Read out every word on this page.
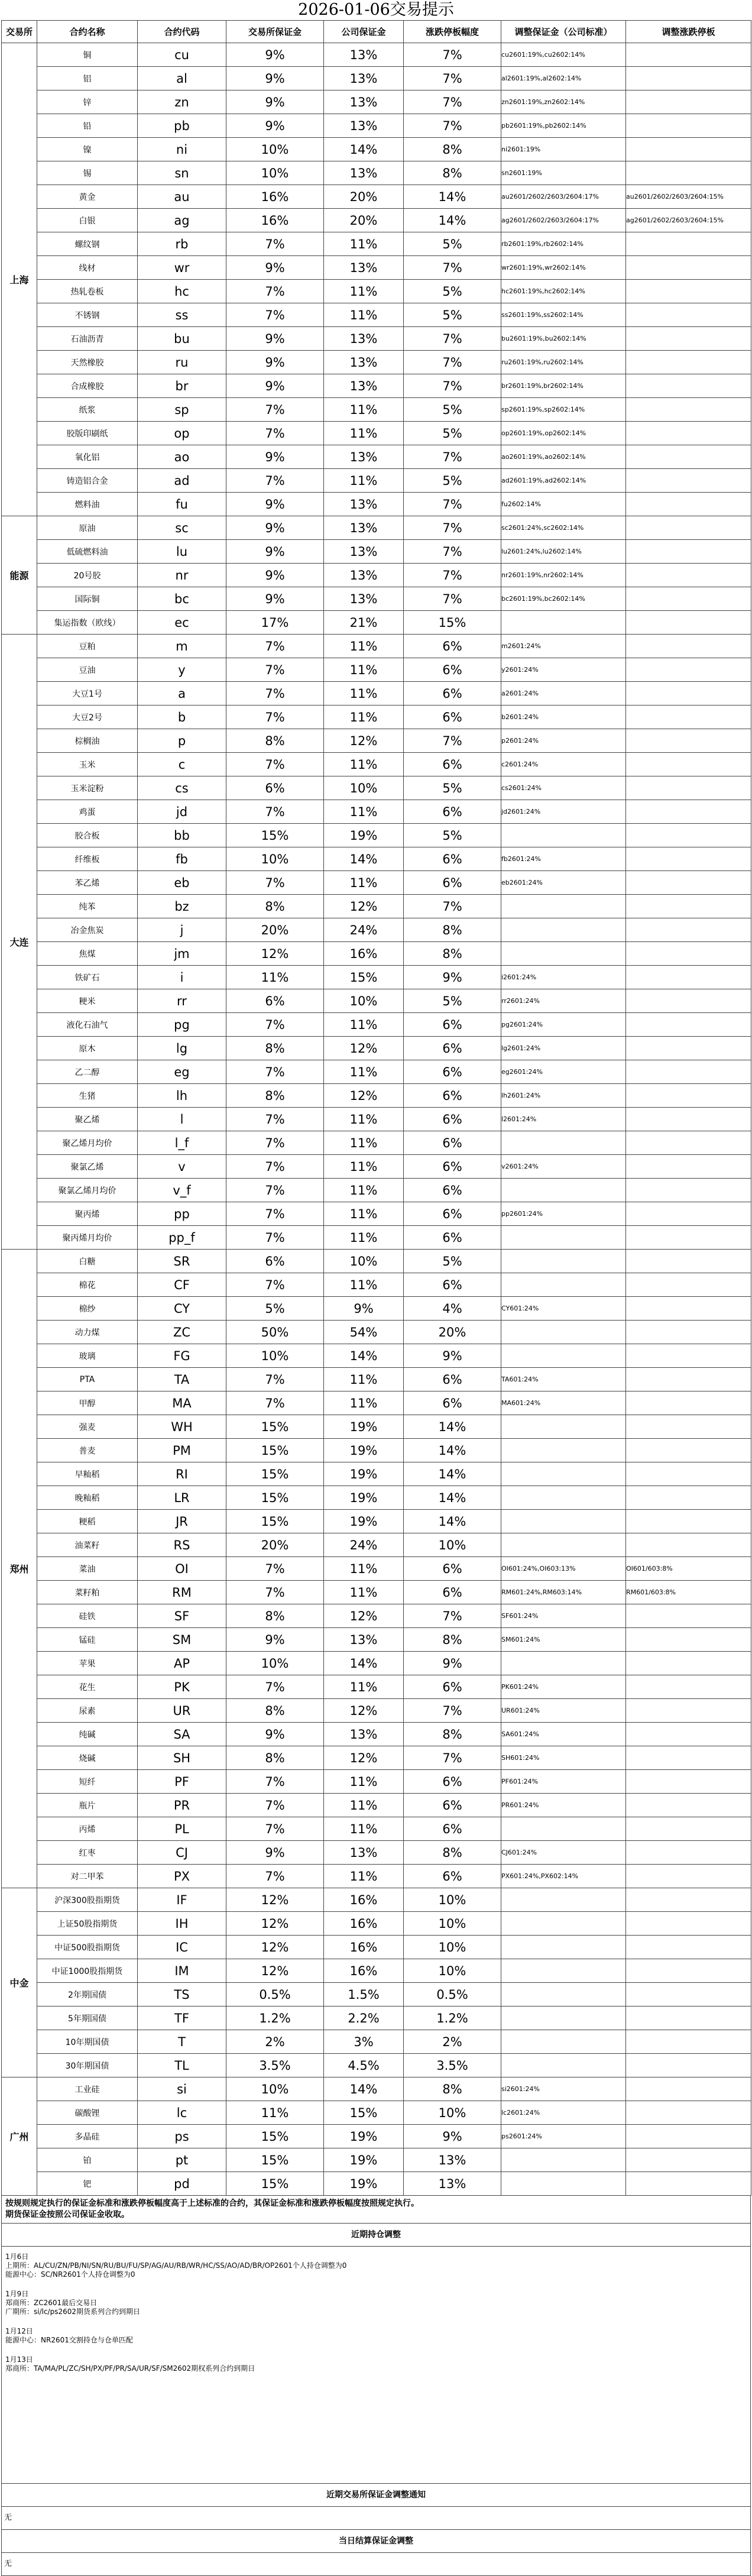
2026-01-06交易提示
交易所	合约名称	合约代码	交易所保证金	公司保证金	涨跌停板幅度	调整保证金（公司标准）	调整涨跌停板
上海	铜	cu	9%	13%	7%	cu2601:19%,cu2602:14%	
	铝	al	9%	13%	7%	al2601:19%,al2602:14%	
	锌	zn	9%	13%	7%	zn2601:19%,zn2602:14%	
	铅	pb	9%	13%	7%	pb2601:19%,pb2602:14%	
	镍	ni	10%	14%	8%	ni2601:19%	
	锡	sn	10%	13%	8%	sn2601:19%	
	黄金	au	16%	20%	14%	au2601/2602/2603/2604:17%	au2601/2602/2603/2604:15%
	白银	ag	16%	20%	14%	ag2601/2602/2603/2604:17%	ag2601/2602/2603/2604:15%
	螺纹钢	rb	7%	11%	5%	rb2601:19%,rb2602:14%	
	线材	wr	9%	13%	7%	wr2601:19%,wr2602:14%	
	热轧卷板	hc	7%	11%	5%	hc2601:19%,hc2602:14%	
	不锈钢	ss	7%	11%	5%	ss2601:19%,ss2602:14%	
	石油沥青	bu	9%	13%	7%	bu2601:19%,bu2602:14%	
	天然橡胶	ru	9%	13%	7%	ru2601:19%,ru2602:14%	
	合成橡胶	br	9%	13%	7%	br2601:19%,br2602:14%	
	纸浆	sp	7%	11%	5%	sp2601:19%,sp2602:14%	
	胶版印刷纸	op	7%	11%	5%	op2601:19%,op2602:14%	
	氧化铝	ao	9%	13%	7%	ao2601:19%,ao2602:14%	
	铸造铝合金	ad	7%	11%	5%	ad2601:19%,ad2602:14%	
	燃料油	fu	9%	13%	7%	fu2602:14%	
能源	原油	sc	9%	13%	7%	sc2601:24%,sc2602:14%	
	低硫燃料油	lu	9%	13%	7%	lu2601:24%,lu2602:14%	
	20号胶	nr	9%	13%	7%	nr2601:19%,nr2602:14%	
	国际铜	bc	9%	13%	7%	bc2601:19%,bc2602:14%	
	集运指数（欧线）	ec	17%	21%	15%		
大连	豆粕	m	7%	11%	6%	m2601:24%	
	豆油	y	7%	11%	6%	y2601:24%	
	大豆1号	a	7%	11%	6%	a2601:24%	
	大豆2号	b	7%	11%	6%	b2601:24%	
	棕榈油	p	8%	12%	7%	p2601:24%	
	玉米	c	7%	11%	6%	c2601:24%	
	玉米淀粉	cs	6%	10%	5%	cs2601:24%	
	鸡蛋	jd	7%	11%	6%	jd2601:24%	
	胶合板	bb	15%	19%	5%		
	纤维板	fb	10%	14%	6%	fb2601:24%	
	苯乙烯	eb	7%	11%	6%	eb2601:24%	
	纯苯	bz	8%	12%	7%		
	冶金焦炭	j	20%	24%	8%		
	焦煤	jm	12%	16%	8%		
	铁矿石	i	11%	15%	9%	i2601:24%	
	粳米	rr	6%	10%	5%	rr2601:24%	
	液化石油气	pg	7%	11%	6%	pg2601:24%	
	原木	lg	8%	12%	6%	lg2601:24%	
	乙二醇	eg	7%	11%	6%	eg2601:24%	
	生猪	lh	8%	12%	6%	lh2601:24%	
	聚乙烯	l	7%	11%	6%	l2601:24%	
	聚乙烯月均价	l_f	7%	11%	6%		
	聚氯乙烯	v	7%	11%	6%	v2601:24%	
	聚氯乙烯月均价	v_f	7%	11%	6%		
	聚丙烯	pp	7%	11%	6%	pp2601:24%	
	聚丙烯月均价	pp_f	7%	11%	6%		
郑州	白糖	SR	6%	10%	5%		
	棉花	CF	7%	11%	6%		
	棉纱	CY	5%	9%	4%	CY601:24%	
	动力煤	ZC	50%	54%	20%		
	玻璃	FG	10%	14%	9%		
	PTA	TA	7%	11%	6%	TA601:24%	
	甲醇	MA	7%	11%	6%	MA601:24%	
	强麦	WH	15%	19%	14%		
	普麦	PM	15%	19%	14%		
	早籼稻	RI	15%	19%	14%		
	晚籼稻	LR	15%	19%	14%		
	粳稻	JR	15%	19%	14%		
	油菜籽	RS	20%	24%	10%		
	菜油	OI	7%	11%	6%	OI601:24%,OI603:13%	OI601/603:8%
	菜籽粕	RM	7%	11%	6%	RM601:24%,RM603:14%	RM601/603:8%
	硅铁	SF	8%	12%	7%	SF601:24%	
	锰硅	SM	9%	13%	8%	SM601:24%	
	苹果	AP	10%	14%	9%		
	花生	PK	7%	11%	6%	PK601:24%	
	尿素	UR	8%	12%	7%	UR601:24%	
	纯碱	SA	9%	13%	8%	SA601:24%	
	烧碱	SH	8%	12%	7%	SH601:24%	
	短纤	PF	7%	11%	6%	PF601:24%	
	瓶片	PR	7%	11%	6%	PR601:24%	
	丙烯	PL	7%	11%	6%		
	红枣	CJ	9%	13%	8%	CJ601:24%	
	对二甲苯	PX	7%	11%	6%	PX601:24%,PX602:14%	
中金	沪深300股指期货	IF	12%	16%	10%		
	上证50股指期货	IH	12%	16%	10%		
	中证500股指期货	IC	12%	16%	10%		
	中证1000股指期货	IM	12%	16%	10%		
	2年期国债	TS	0.5%	1.5%	0.5%		
	5年期国债	TF	1.2%	2.2%	1.2%		
	10年期国债	T	2%	3%	2%		
	30年期国债	TL	3.5%	4.5%	3.5%		
广州	工业硅	si	10%	14%	8%	si2601:24%	
	碳酸锂	lc	11%	15%	10%	lc2601:24%	
	多晶硅	ps	15%	19%	9%	ps2601:24%	
	铂	pt	15%	19%	13%		
	钯	pd	15%	19%	13%		
按规则规定执行的保证金标准和涨跌停板幅度高于上述标准的合约，其保证金标准和涨跌停板幅度按照规定执行。
期货保证金按照公司保证金收取。
近期持仓调整
1月6日
上期所：AL/CU/ZN/PB/NI/SN/RU/BU/FU/SP/AG/AU/RB/WR/HC/SS/AO/AD/BR/OP2601个人持仓调整为0
能源中心：SC/NR2601个人持仓调整为0
1月9日
郑商所：ZC2601最后交易日
广期所：si/lc/ps2602期货系列合约到期日
1月12日
能源中心：NR2601交割持仓与仓单匹配
1月13日
郑商所：TA/MA/PL/ZC/SH/PX/PF/PR/SA/UR/SF/SM2602期权系列合约到期日
近期交易所保证金调整通知
无
当日结算保证金调整
无
